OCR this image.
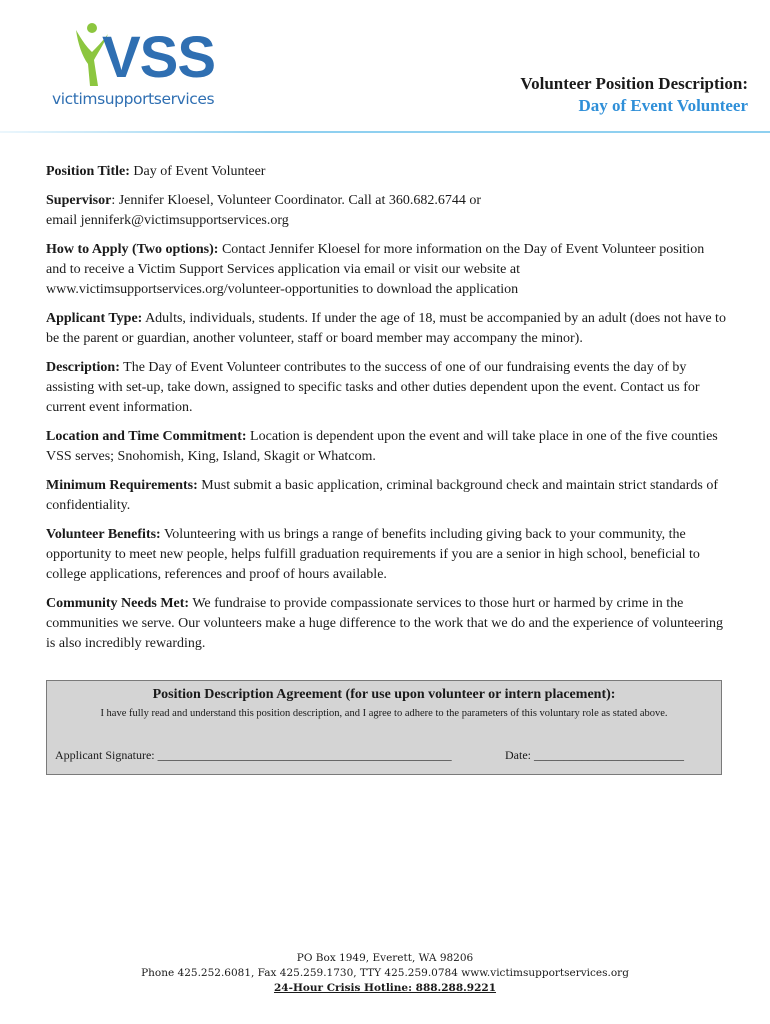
VSS
victimsupportservices
Volunteer Position Description:
Day of Event Volunteer

Position Title: Day of Event Volunteer

Supervisor: Jennifer Kloesel, Volunteer Coordinator. Call at 360.682.6744 or
email jenniferk@victimsupportservices.org

How to Apply (Two options): Contact Jennifer Kloesel for more information on the Day of Event Volunteer position and to receive a Victim Support Services application via email or visit our website at www.victimsupportservices.org/volunteer-opportunities to download the application

Applicant Type: Adults, individuals, students. If under the age of 18, must be accompanied by an adult (does not have to be the parent or guardian, another volunteer, staff or board member may accompany the minor).

Description: The Day of Event Volunteer contributes to the success of one of our fundraising events the day of by assisting with set-up, take down, assigned to specific tasks and other duties dependent upon the event. Contact us for current event information.

Location and Time Commitment: Location is dependent upon the event and will take place in one of the five counties VSS serves; Snohomish, King, Island, Skagit or Whatcom.

Minimum Requirements: Must submit a basic application, criminal background check and maintain strict standards of confidentiality.

Volunteer Benefits: Volunteering with us brings a range of benefits including giving back to your community, the opportunity to meet new people, helps fulfill graduation requirements if you are a senior in high school, beneficial to college applications, references and proof of hours available.

Community Needs Met: We fundraise to provide compassionate services to those hurt or harmed by crime in the communities we serve. Our volunteers make a huge difference to the work that we do and the experience of volunteering is also incredibly rewarding.

Position Description Agreement (for use upon volunteer or intern placement):
I have fully read and understand this position description, and I agree to adhere to the parameters of this voluntary role as stated above.
Applicant Signature: _________________________________________________	Date: _________________________
PO Box 1949, Everett, WA 98206
Phone 425.252.6081, Fax 425.259.1730, TTY 425.259.0784 www.victimsupportservices.org
24-Hour Crisis Hotline: 888.288.9221
